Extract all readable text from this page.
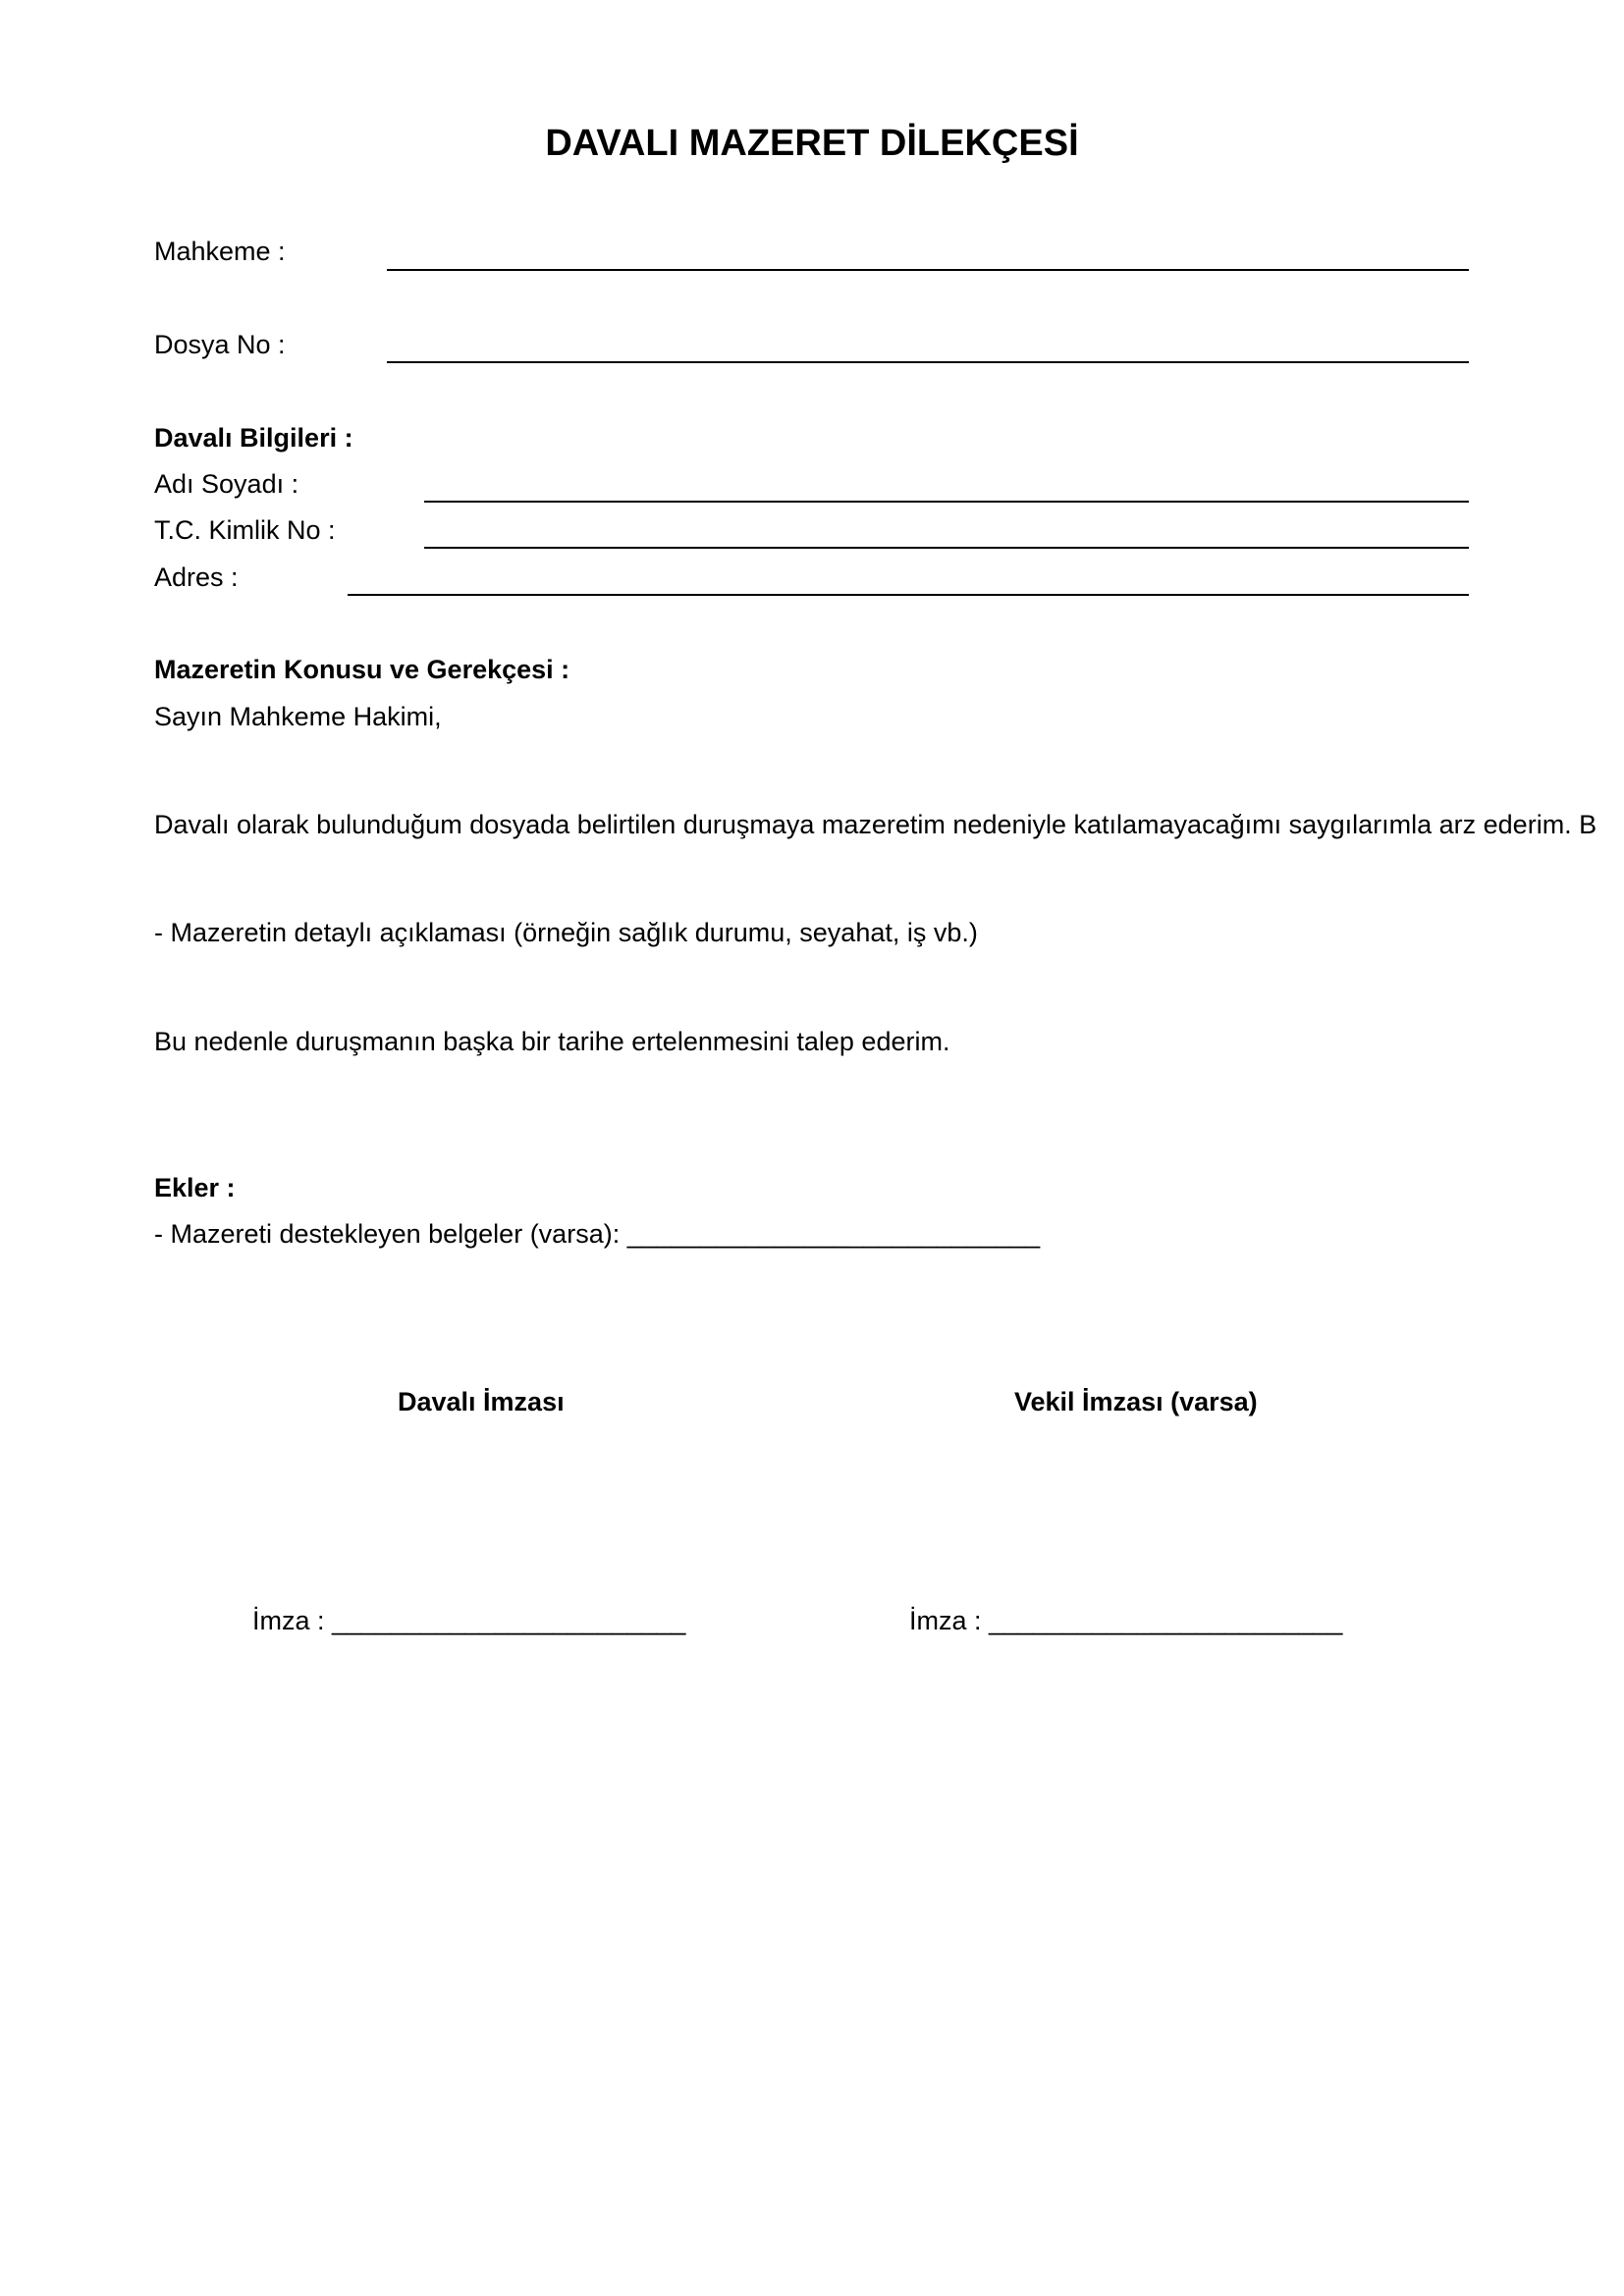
DAVALI MAZERET DİLEKÇESİ
Mahkeme :
Dosya No :
Davalı Bilgileri :
Adı Soyadı :
T.C. Kimlik No :
Adres :
Mazeretin Konusu ve Gerekçesi :
Sayın Mahkeme Hakimi,
Davalı olarak bulunduğum dosyada belirtilen duruşmaya mazeretim nedeniyle katılamayacağımı saygılarımla arz ederim. B
- Mazeretin detaylı açıklaması (örneğin sağlık durumu, seyahat, iş vb.)
Bu nedenle duruşmanın başka bir tarihe ertelenmesini talep ederim.
Ekler :
- Mazereti destekleyen belgeler (varsa): ____________________________
Davalı İmzası	Vekil İmzası (varsa)
İmza : ________________________	İmza : ________________________
